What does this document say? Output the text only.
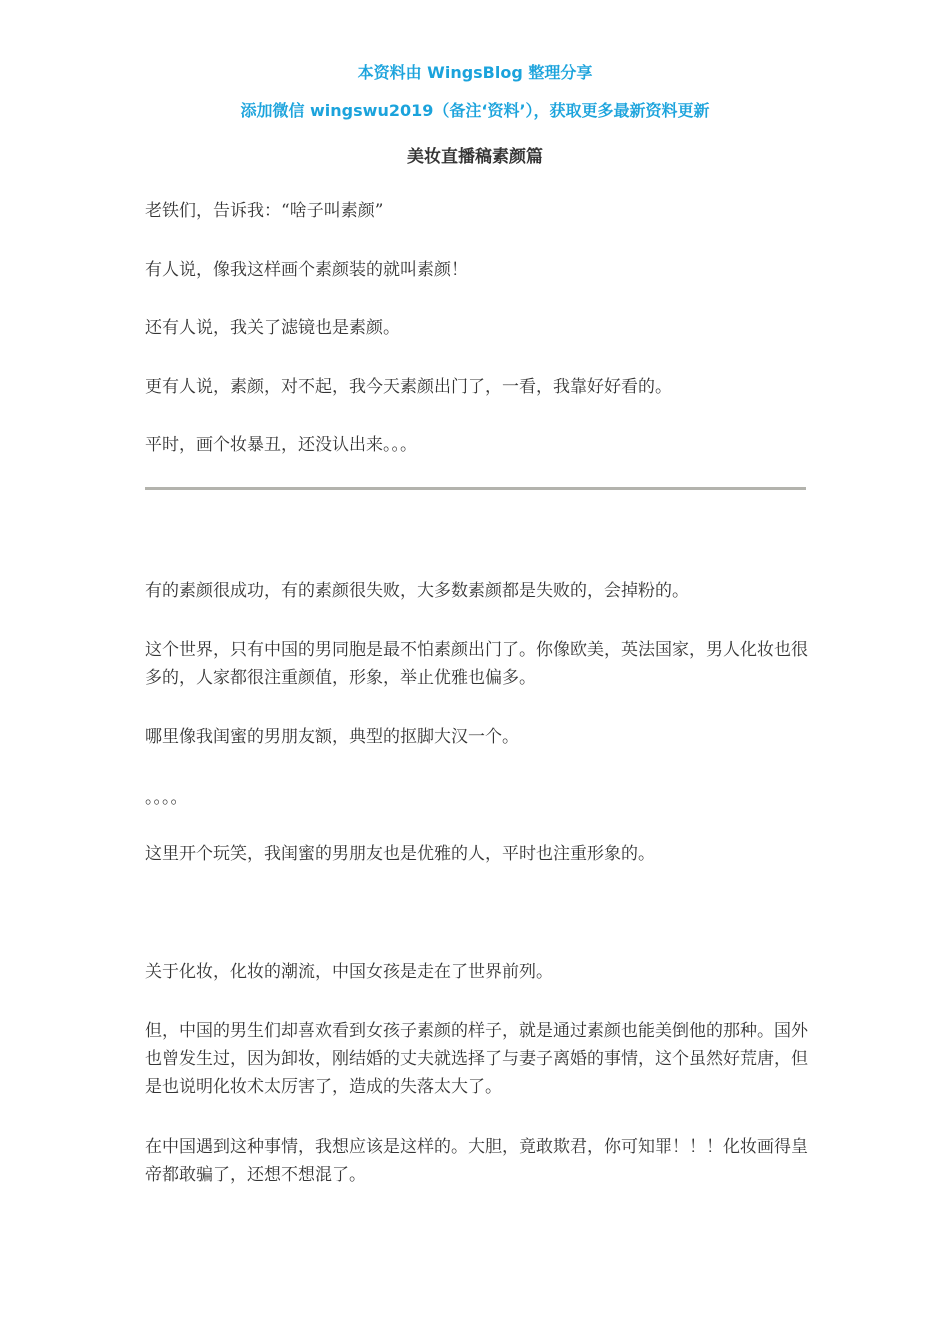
本资料由 WingsBlog 整理分享
添加微信 wingswu2019（备注‘资料’），获取更多最新资料更新
美妆直播稿素颜篇

老铁们，告诉我：“啥子叫素颜”

有人说，像我这样画个素颜装的就叫素颜！

还有人说，我关了滤镜也是素颜。

更有人说，素颜，对不起，我今天素颜出门了，一看，我靠好好看的。

平时，画个妆暴丑，还没认出来。。。

有的素颜很成功，有的素颜很失败，大多数素颜都是失败的，会掉粉的。

这个世界，只有中国的男同胞是最不怕素颜出门了。你像欧美，英法国家，男人化妆也很多的，人家都很注重颜值，形象，举止优雅也偏多。

哪里像我闺蜜的男朋友额，典型的抠脚大汉一个。

。。。。

这里开个玩笑，我闺蜜的男朋友也是优雅的人，平时也注重形象的。

关于化妆，化妆的潮流，中国女孩是走在了世界前列。

但，中国的男生们却喜欢看到女孩子素颜的样子，就是通过素颜也能美倒他的那种。国外也曾发生过，因为卸妆，刚结婚的丈夫就选择了与妻子离婚的事情，这个虽然好荒唐，但是也说明化妆术太厉害了，造成的失落太大了。

在中国遇到这种事情，我想应该是这样的。大胆，竟敢欺君，你可知罪！！！化妆画得皇帝都敢骗了，还想不想混了。
